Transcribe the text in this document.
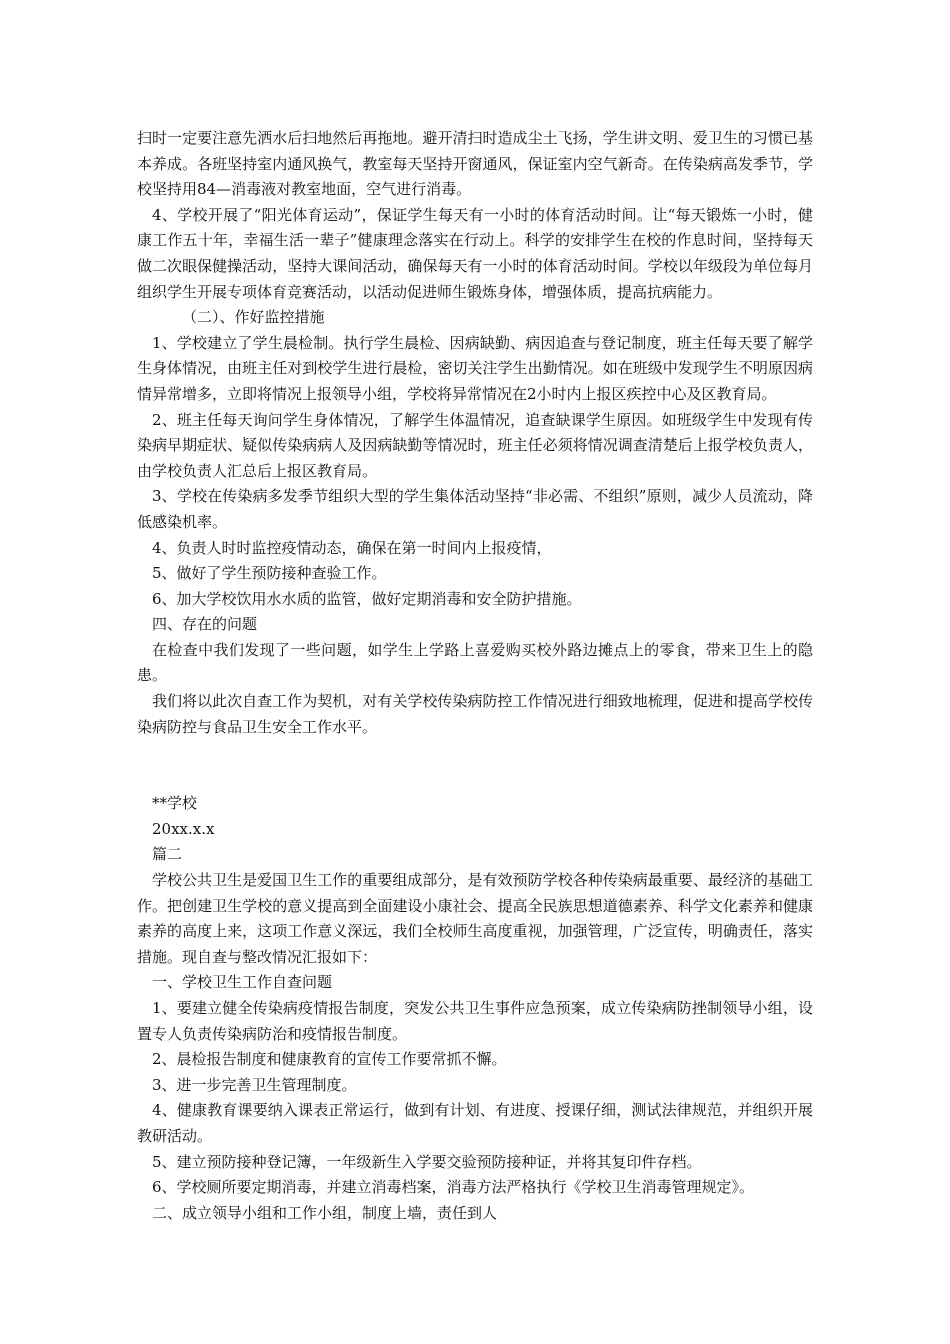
扫时一定要注意先洒水后扫地然后再拖地。避开清扫时造成尘土飞扬，学生讲文明、爱卫生的习惯已基本养成。各班坚持室内通风换气，教室每天坚持开窗通风，保证室内空气新奇。在传染病高发季节，学校坚持用84—消毒液对教室地面，空气进行消毒。

4、学校开展了“阳光体育运动”，保证学生每天有一小时的体育活动时间。让“每天锻炼一小时，健康工作五十年，幸福生活一辈子”健康理念落实在行动上。科学的安排学生在校的作息时间，坚持每天做二次眼保健操活动，坚持大课间活动，确保每天有一小时的体育活动时间。学校以年级段为单位每月组织学生开展专项体育竞赛活动，以活动促进师生锻炼身体，增强体质，提高抗病能力。

（二）、作好监控措施

1、学校建立了学生晨检制。执行学生晨检、因病缺勤、病因追查与登记制度，班主任每天要了解学生身体情况，由班主任对到校学生进行晨检，密切关注学生出勤情况。如在班级中发现学生不明原因病情异常增多，立即将情况上报领导小组，学校将异常情况在2小时内上报区疾控中心及区教育局。

2、班主任每天询问学生身体情况，了解学生体温情况，追查缺课学生原因。如班级学生中发现有传染病早期症状、疑似传染病病人及因病缺勤等情况时，班主任必须将情况调查清楚后上报学校负责人，由学校负责人汇总后上报区教育局。

3、学校在传染病多发季节组织大型的学生集体活动坚持“非必需、不组织”原则，减少人员流动，降低感染机率。

4、负责人时时监控疫情动态，确保在第一时间内上报疫情，

5、做好了学生预防接种查验工作。

6、加大学校饮用水水质的监管，做好定期消毒和安全防护措施。

四、存在的问题

在检查中我们发现了一些问题，如学生上学路上喜爱购买校外路边摊点上的零食，带来卫生上的隐患。

我们将以此次自查工作为契机，对有关学校传染病防控工作情况进行细致地梳理，促进和提高学校传染病防控与食品卫生安全工作水平。

**学校

20xx.x.x

篇二

学校公共卫生是爱国卫生工作的重要组成部分，是有效预防学校各种传染病最重要、最经济的基础工作。把创建卫生学校的意义提高到全面建设小康社会、提高全民族思想道德素养、科学文化素养和健康素养的高度上来，这项工作意义深远，我们全校师生高度重视，加强管理，广泛宣传，明确责任，落实措施。现自查与整改情况汇报如下：

一、学校卫生工作自查问题

1、要建立健全传染病疫情报告制度，突发公共卫生事件应急预案，成立传染病防挫制领导小组，设置专人负责传染病防治和疫情报告制度。

2、晨检报告制度和健康教育的宣传工作要常抓不懈。

3、进一步完善卫生管理制度。

4、健康教育课要纳入课表正常运行，做到有计划、有进度、授课仔细，测试法律规范，并组织开展教研活动。

5、建立预防接种登记簿，一年级新生入学要交验预防接种证，并将其复印件存档。

6、学校厕所要定期消毒，并建立消毒档案，消毒方法严格执行《学校卫生消毒管理规定》。

二、成立领导小组和工作小组，制度上墙，责任到人
